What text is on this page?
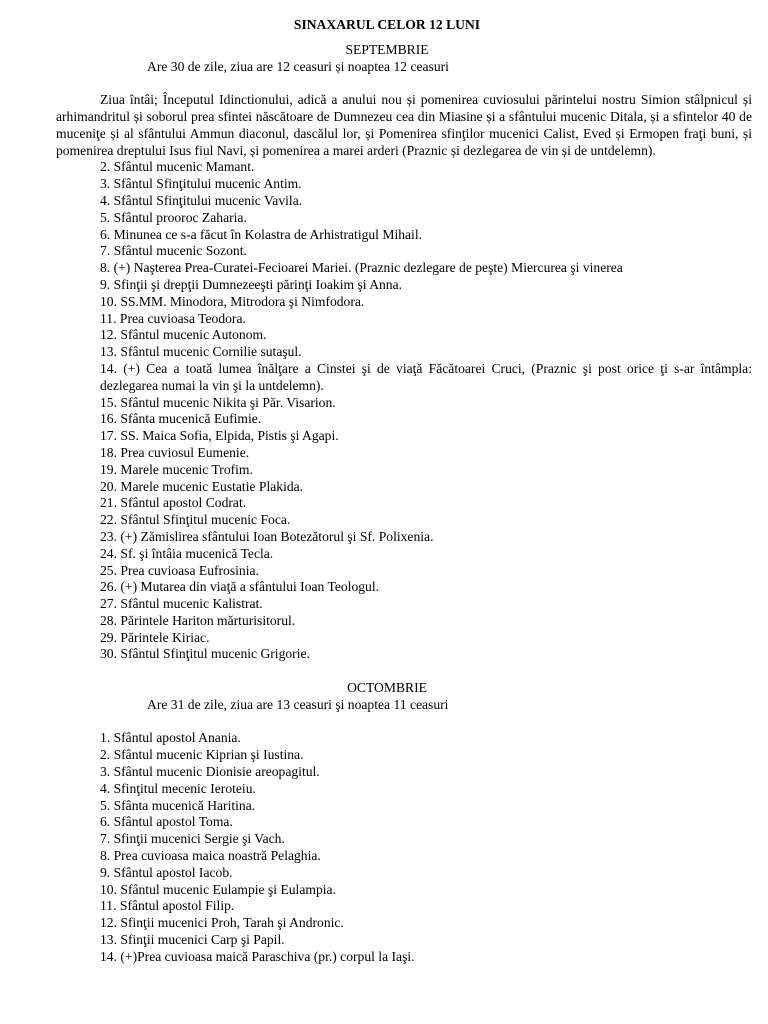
SINAXARUL CELOR 12 LUNI
SEPTEMBRIE
Are 30 de zile, ziua are 12 ceasuri și noaptea 12 ceasuri
Ziua întâi; Începutul Idinctionului, adică a anului nou și pomenirea cuviosului părintelui nostru Simion stâlpnicul și arhimandritul și soborul prea sfintei născătoare de Dumnezeu cea din Miasine și a sfântului mucenic Ditala, și a sfintelor 40 de muceniţe și al sfântului Ammun diaconul, dascălul lor, și Pomenirea sfinţilor mucenici Calist, Eved și Ermopen fraţi buni, și pomenirea dreptului Isus fiul Navi, și pomenirea a marei arderi (Praznic și dezlegarea de vin și de untdelemn).
2. Sfântul mucenic Mamant.
3. Sfântul Sfinţitului mucenic Antim.
4. Sfântul Sfinţitului mucenic Vavila.
5. Sfântul prooroc Zaharia.
6. Minunea ce s-a făcut în Kolastra de Arhistratigul Mihail.
7. Sfântul mucenic Sozont.
8. (+) Naşterea Prea-Curatei-Fecioarei Mariei. (Praznic dezlegare de peşte) Miercurea şi vinerea
9. Sfinţii şi drepţii Dumnezeeşti părinţi Ioakim şi Anna.
10. SS.MM. Minodora, Mitrodora şi Nimfodora.
11. Prea cuvioasa Teodora.
12. Sfântul mucenic Autonom.
13. Sfântul mucenic Cornilie sutaşul.
14. (+) Cea a toată lumea înălţare a Cinstei şi de viaţă Făcătoarei Cruci, (Praznic şi post orice ţi s-ar întâmpla: dezlegarea numai la vin şi la untdelemn).
15. Sfântul mucenic Nikita şi Păr. Visarion.
16. Sfânta mucenică Eufimie.
17. SS. Maica Sofia, Elpida, Pistis şi Agapi.
18. Prea cuviosul Eumenie.
19. Marele mucenic Trofim.
20. Marele mucenic Eustatie Plakida.
21. Sfântul apostol Codrat.
22. Sfântul Sfinţitul mucenic Foca.
23. (+) Zămislirea sfântului Ioan Botezătorul şi Sf. Polixenia.
24. Sf. şi întâia mucenică Tecla.
25. Prea cuvioasa Eufrosinia.
26. (+) Mutarea din viaţă a sfântului Ioan Teologul.
27. Sfântul mucenic Kalistrat.
28. Părintele Hariton mărturisitorul.
29. Părintele Kiriac.
30. Sfântul Sfinţitul mucenic Grigorie.
OCTOMBRIE
Are 31 de zile, ziua are 13 ceasuri şi noaptea 11 ceasuri
1. Sfântul apostol Anania.
2. Sfântul mucenic Kiprian şi Iustina.
3. Sfântul mucenic Dionisie areopagitul.
4. Sfinţitul mecenic Ieroteiu.
5. Sfânta mucenică Haritina.
6. Sfântul apostol Toma.
7. Sfinţii mucenici Sergie şi Vach.
8. Prea cuvioasa maica noastră Pelaghia.
9. Sfântul apostol Iacob.
10. Sfântul mucenic Eulampie şi Eulampia.
11. Sfântul apostol Filip.
12. Sfinţii mucenici Proh, Tarah şi Andronic.
13. Sfinţii mucenici Carp şi Papil.
14. (+)Prea cuvioasa maică Paraschiva (pr.) corpul la Iaşi.
